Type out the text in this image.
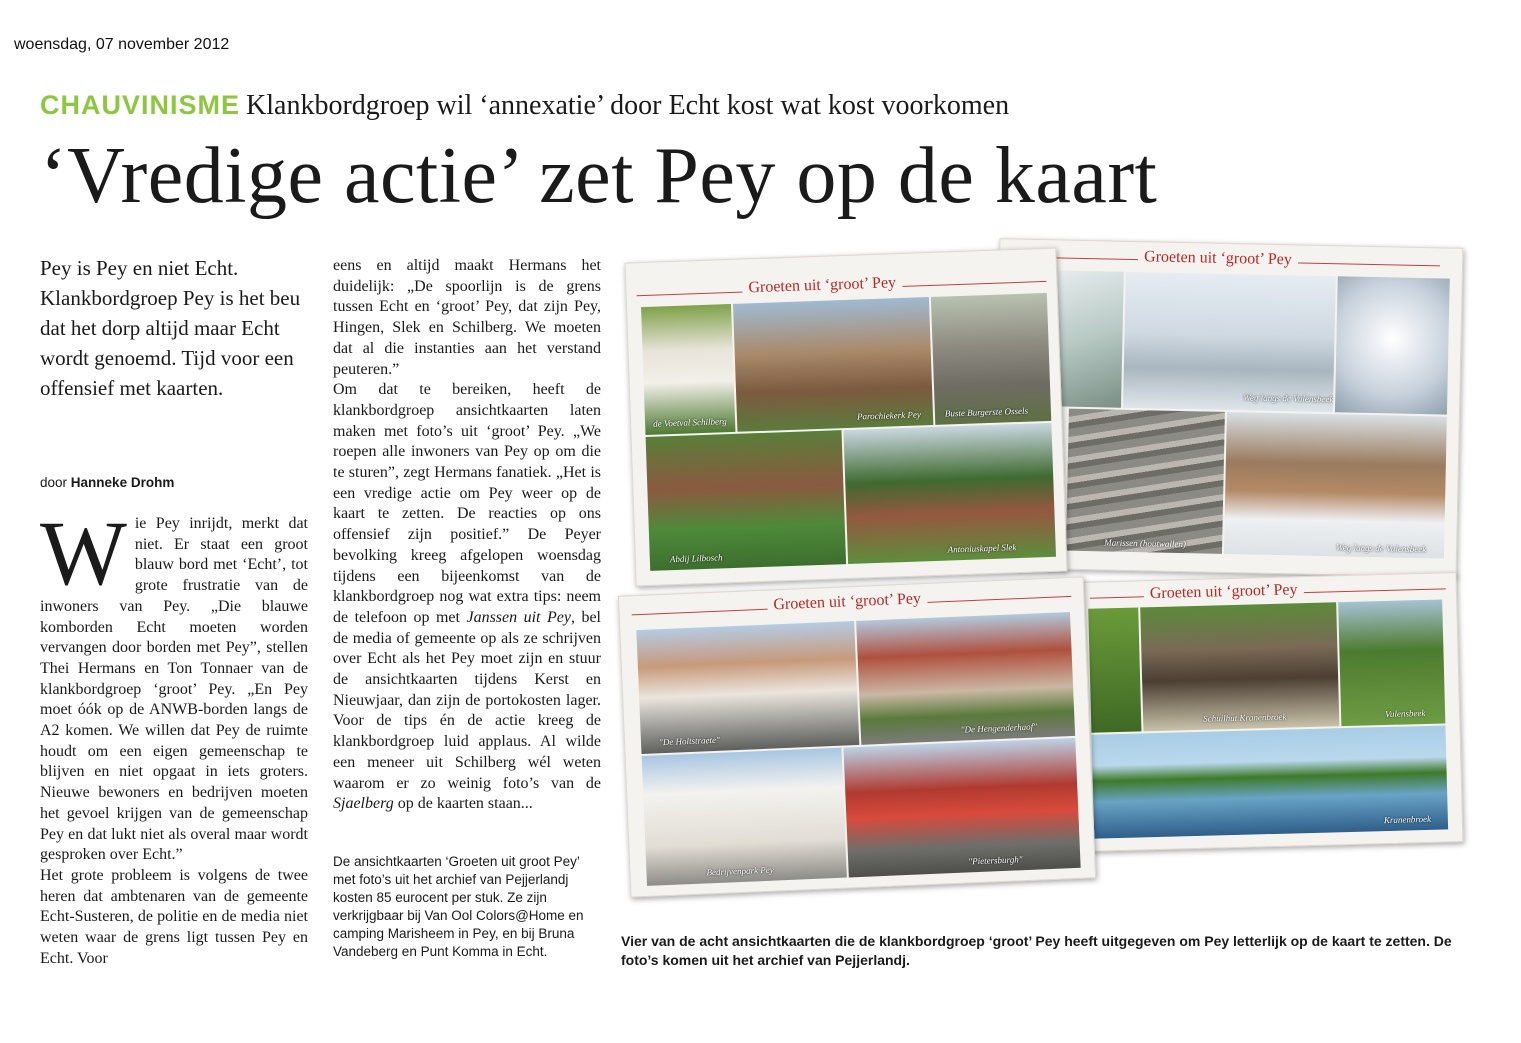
woensdag, 07 november 2012
CHAUVINISME Klankbordgroep wil ‘annexatie’ door Echt kost wat kost voorkomen
‘Vredige actie’ zet Pey op de kaart
Pey is Pey en niet Echt. Klankbordgroep Pey is het beu dat het dorp altijd maar Echt wordt genoemd. Tijd voor een offensief met kaarten.
door Hanneke Drohm
Wie Pey inrijdt, merkt dat niet. Er staat een groot blauw bord met ‘Echt’, tot grote frustratie van de inwoners van Pey. „Die blauwe komborden Echt moeten worden vervangen door borden met Pey”, stellen Thei Hermans en Ton Tonnaer van de klankbordgroep ‘groot’ Pey. „En Pey moet óók op de ANWB-borden langs de A2 komen. We willen dat Pey de ruimte houdt om een eigen gemeenschap te blijven en niet opgaat in iets groters. Nieuwe bewoners en bedrijven moeten het gevoel krijgen van de gemeenschap Pey en dat lukt niet als overal maar wordt gesproken over Echt.”
Het grote probleem is volgens de twee heren dat ambtenaren van de gemeente Echt-Susteren, de politie en de media niet weten waar de grens ligt tussen Pey en Echt. Voor
eens en altijd maakt Hermans het duidelijk: „De spoorlijn is de grens tussen Echt en ‘groot’ Pey, dat zijn Pey, Hingen, Slek en Schilberg. We moeten dat al die instanties aan het verstand peuteren.”
Om dat te bereiken, heeft de klankbordgroep ansichtkaarten laten maken met foto’s uit ‘groot’ Pey. „We roepen alle inwoners van Pey op om die te sturen”, zegt Hermans fanatiek. „Het is een vredige actie om Pey weer op de kaart te zetten. De reacties op ons offensief zijn positief.” De Peyer bevolking kreeg afgelopen woensdag tijdens een bijeenkomst van de klankbordgroep nog wat extra tips: neem de telefoon op met Janssen uit Pey, bel de media of gemeente op als ze schrijven over Echt als het Pey moet zijn en stuur de ansichtkaarten tijdens Kerst en Nieuwjaar, dan zijn de portokosten lager. Voor de tips én de actie kreeg de klankbordgroep luid applaus. Al wilde een meneer uit Schilberg wél weten waarom er zo weinig foto’s van de Sjaelberg op de kaarten staan...
De ansichtkaarten ‘Groeten uit groot Pey’ met foto’s uit het archief van Pejjerlandj kosten 85 eurocent per stuk. Ze zijn verkrijgbaar bij Van Ool Colors@Home en camping Marisheem in Pey, en bij Bruna Vandeberg en Punt Komma in Echt.
Groeten uit ‘groot’ Pey
Weg langs de Vulensbeek
Marissen (houtwallen)	Weg langs de Vulensbeek
Groeten uit ‘groot’ Pey
de Voetval Schilberg
Parochiekerk Pey	Buste Burgerste Ossels
Abdij Lilbosch
Antoniuskapel Slek
Groeten uit ‘groot’ Pey
Schuilhut Kranenbroek	Vulensbeek
Kranenbroek
Groeten uit ‘groot’ Pey
"De Holtstraete"
"De Hengenderhaof"
Bedrijvenpark Pey
"Pietersburgh"
Vier van de acht ansichtkaarten die de klankbordgroep ‘groot’ Pey heeft uitgegeven om Pey letterlijk op de kaart te zetten. De foto’s komen uit het archief van Pejjerlandj.
